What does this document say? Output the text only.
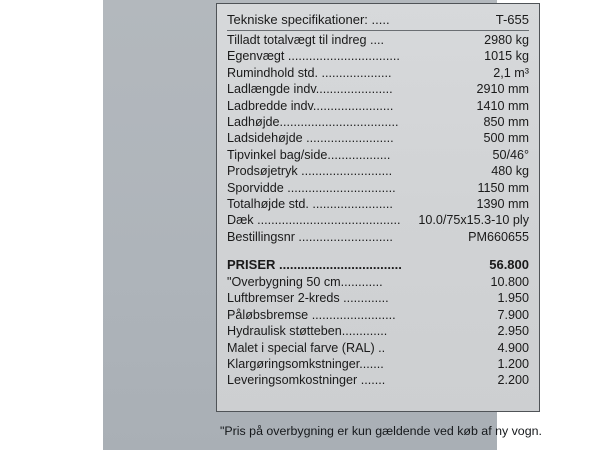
Tekniske specifikationer: .....	T-655
Tilladt totalvægt til indreg ....	2980 kg
Egenvægt ................................	1015 kg
Rumindhold std. ....................	2,1 m³
Ladlængde indv......................	2910 mm
Ladbredde indv.......................	1410 mm
Ladhøjde..................................	850 mm
Ladsidehøjde .........................	500 mm
Tipvinkel bag/side..................	50/46°
Prodsøjetryk ..........................	480 kg
Sporvidde ...............................	1150 mm
Totalhøjde std. .......................	1390 mm
Dæk .........................................	10.0/75x15.3-10 ply
Bestillingsnr ...........................	PM660655
PRISER ..................................	56.800
"Overbygning 50 cm............	10.800
Luftbremser 2-kreds .............	1.950
Påløbsbremse ........................	7.900
Hydraulisk støtteben.............	2.950
Malet i special farve (RAL) ..	4.900
Klargøringsomkstninger.......	1.200
Leveringsomkostninger .......	2.200
"Pris på overbygning er kun gældende ved køb af ny vogn.
